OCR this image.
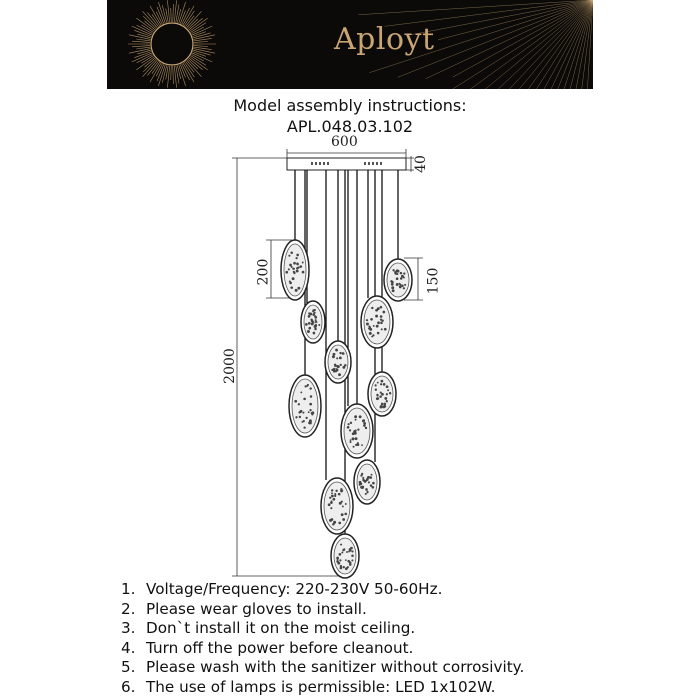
Aployt
Model assembly instructions:
APL.048.03.102
600
40
200	150
2000
1. Voltage/Frequency: 220-230V 50-60Hz.
2. Please wear gloves to install.
3. Don`t install it on the moist ceiling.
4. Turn off the power before cleanout.
5. Please wash with the sanitizer without corrosivity.
6. The use of lamps is permissible: LED 1x102W.
